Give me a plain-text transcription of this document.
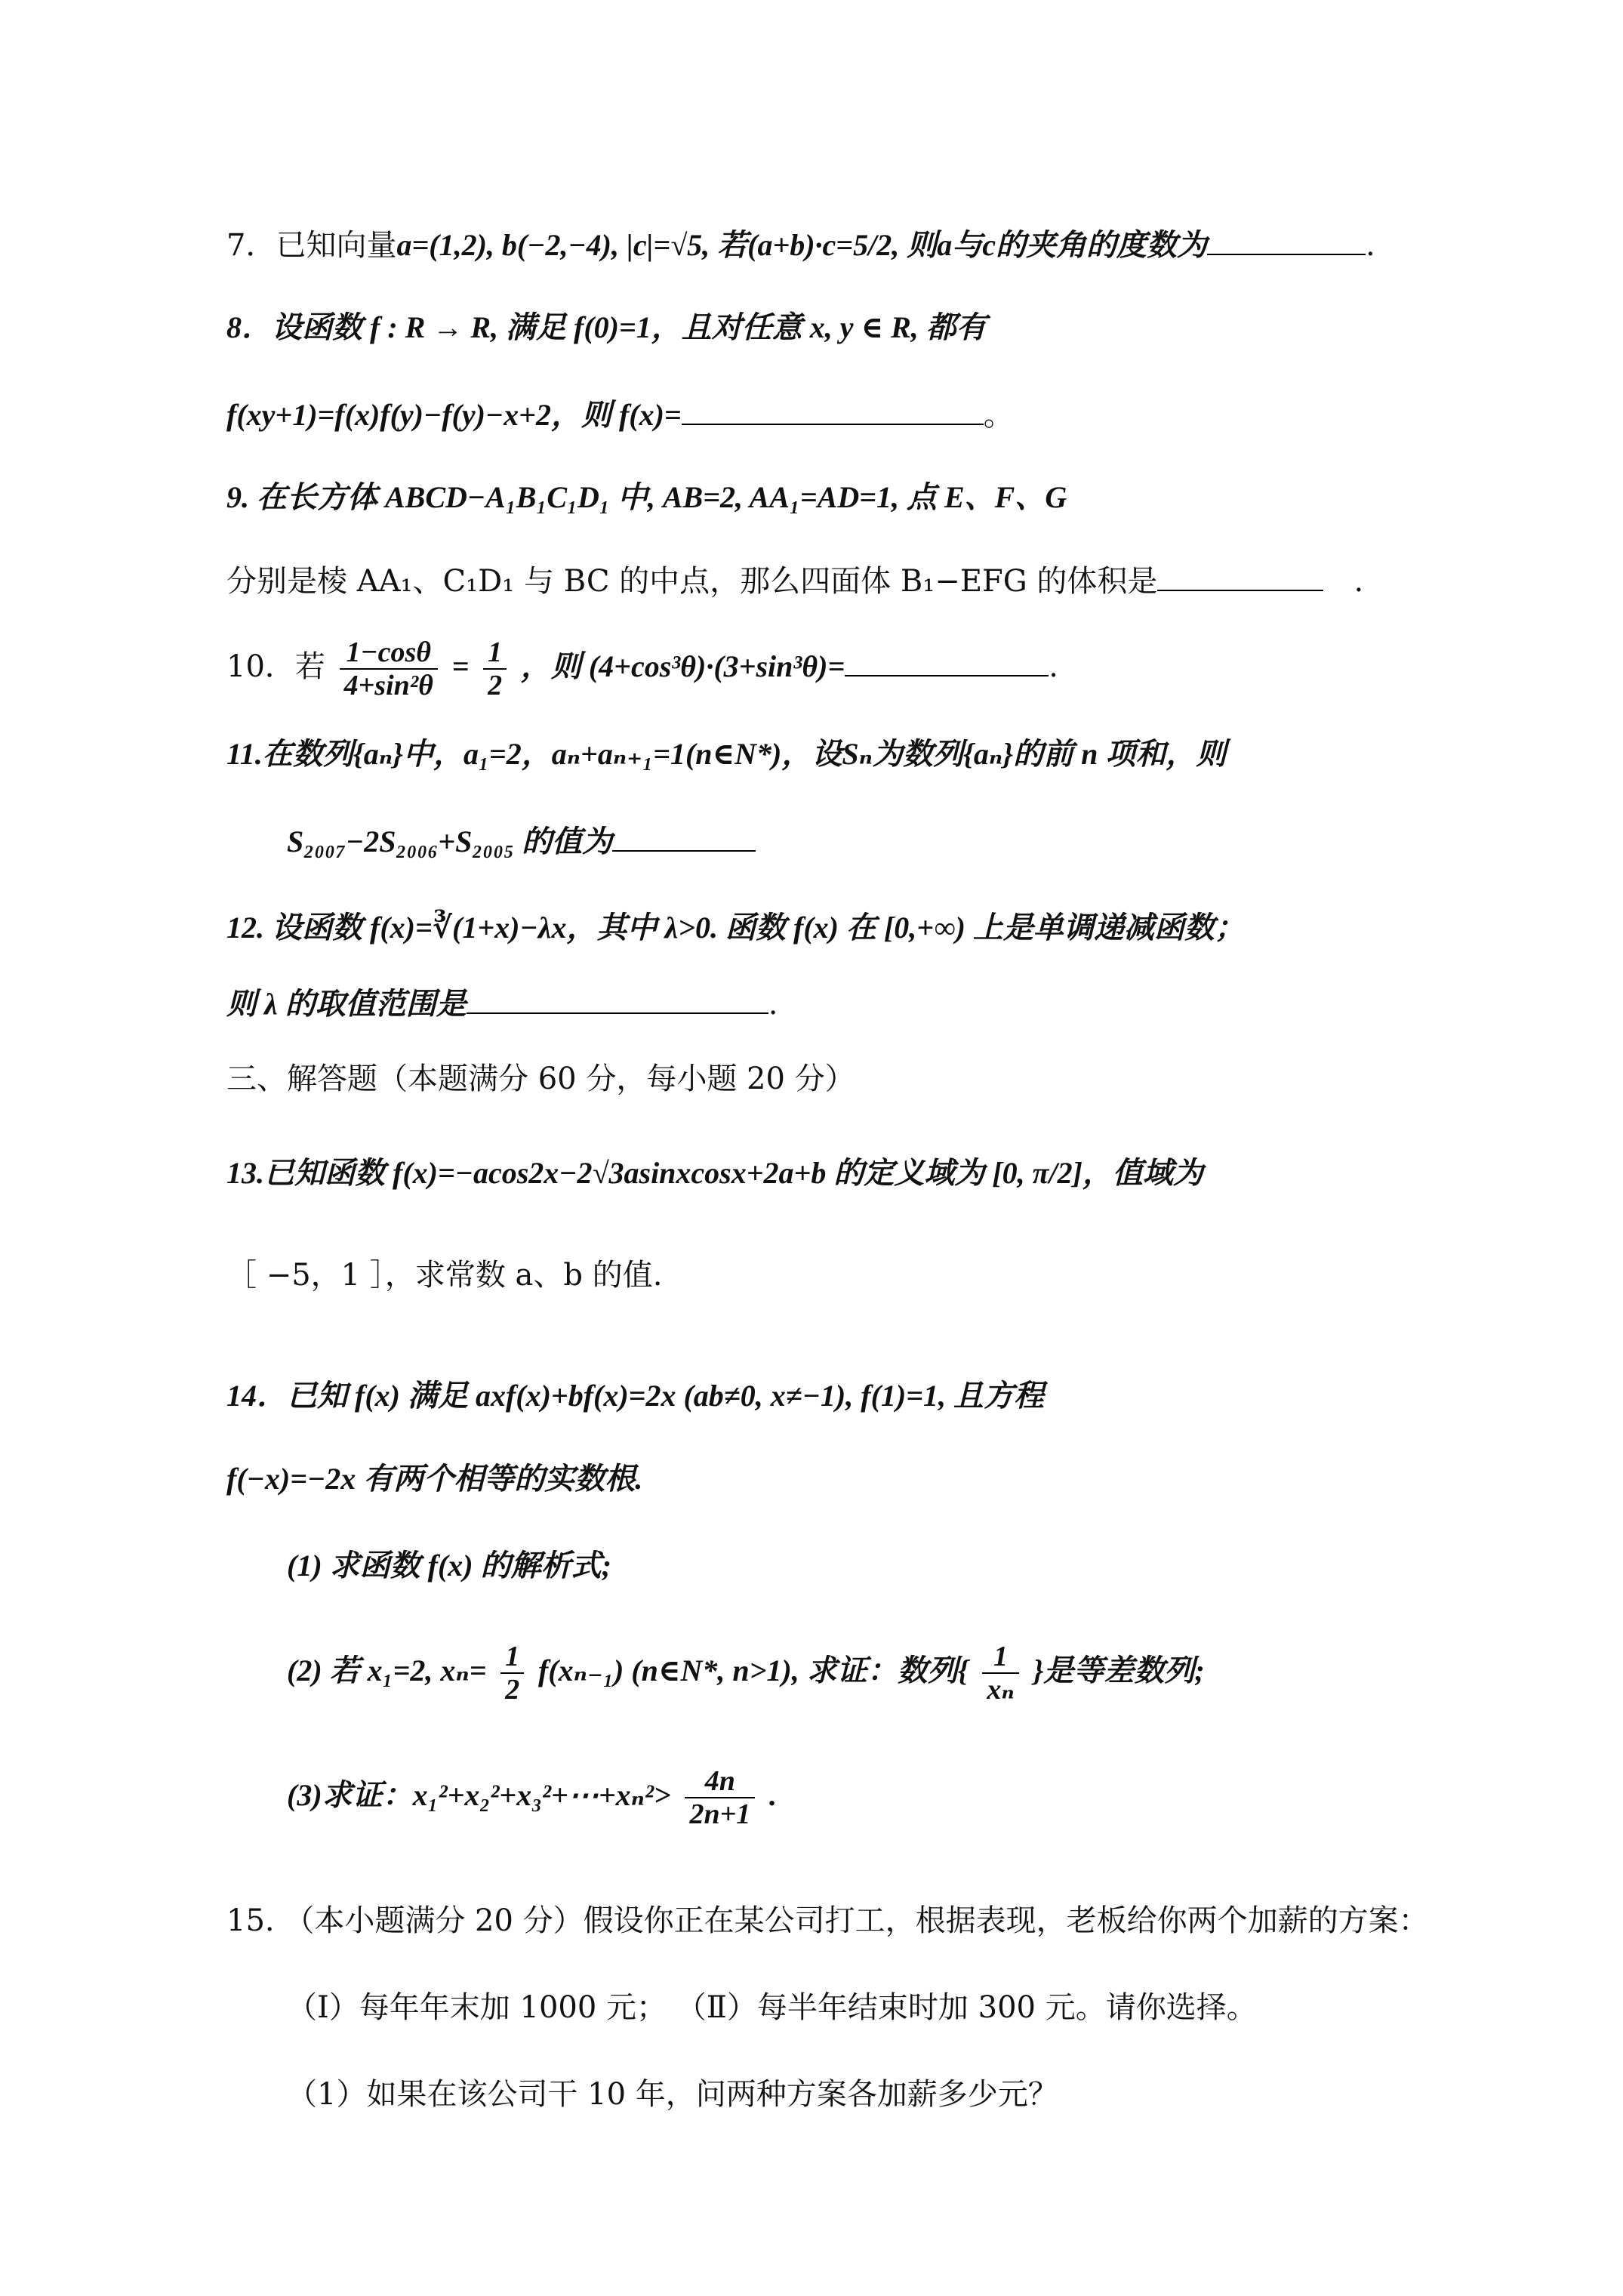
7．已知向量a=(1,2), b(−2,−4), |c|=√5, 若(a+b)·c=5/2, 则a与c的夹角的度数为	.
8．设函数 f : R → R, 满足 f(0)=1，且对任意 x, y ∈ R, 都有
f(xy+1)=f(x)f(y)−f(y)−x+2，则 f(x)=	。
9. 在长方体 ABCD−A₁B₁C₁D₁ 中, AB=2, AA₁=AD=1, 点 E、F、G
分别是棱 AA₁、C₁D₁ 与 BC 的中点，那么四面体 B₁−EFG 的体积是	.
10．若 $\frac{1-\cos\theta}{\text{4+sin²θ}} = \frac{1}{2}$ ，则 (4+cos³θ)·(3+sin³θ)=	.
11.在数列{aₙ}中，a₁=2，aₙ+aₙ₊₁=1(n∈N*)，设Sₙ为数列{aₙ}的前 n 项和，则
S₂₀₀₇−2S₂₀₀₆+S₂₀₀₅ 的值为
12. 设函数 f(x)=∛(1+x)−λx，其中 λ>0. 函数 f(x) 在 [0,+∞) 上是单调递减函数；
则 λ 的取值范围是	.
三、解答题（本题满分 60 分，每小题 20 分）
13.已知函数 f(x)=−acos2x−2√3asinxcosx+2a+b 的定义域为 [0, π/2]，值域为
［ −5，1 ］，求常数 a、b 的值.
14．已知 f(x) 满足 axf(x)+bf(x)=2x (ab≠0, x≠−1), f(1)=1, 且方程
f(−x)=−2x 有两个相等的实数根.
(1) 求函数 f(x) 的解析式;
(2) 若 x₁=2, $x_n= \frac{1}{2} f(x_{n-1})$ (n∈N*, n>1), 求证：数列{ $\frac{1}{\text{xₙ}}$ }是等差数列;
(3)求证：x₁²+x₂²+x₃²+⋯+xₙ²> $\frac{4n}{2n+1}$ .
15. （本小题满分 20 分）假设你正在某公司打工，根据表现，老板给你两个加薪的方案：
（Ⅰ）每年年末加 1000 元； （Ⅱ）每半年结束时加 300 元。请你选择。
（1）如果在该公司干 10 年，问两种方案各加薪多少元？
